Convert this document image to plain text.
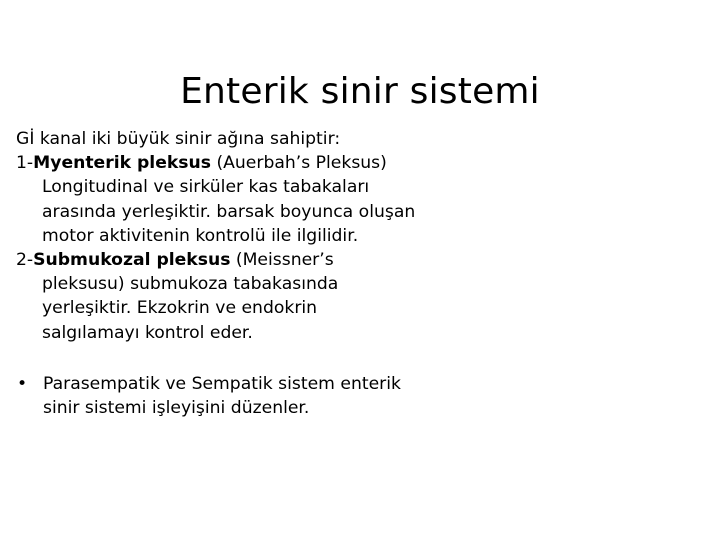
Enterik sinir sistemi

Gİ kanal iki büyük sinir ağına sahiptir:

1-Myenterik pleksus (Auerbah’s Pleksus) Longitudinal ve sirküler kas tabakaları arasında yerleşiktir. barsak boyunca oluşan motor aktivitenin kontrolü ile ilgilidir.

2-Submukozal pleksus (Meissner’s pleksusu) submukoza tabakasında yerleşiktir. Ekzokrin ve endokrin salgılamayı kontrol eder.

• Parasempatik ve Sempatik sistem enterik sinir sistemi işleyişini düzenler.
